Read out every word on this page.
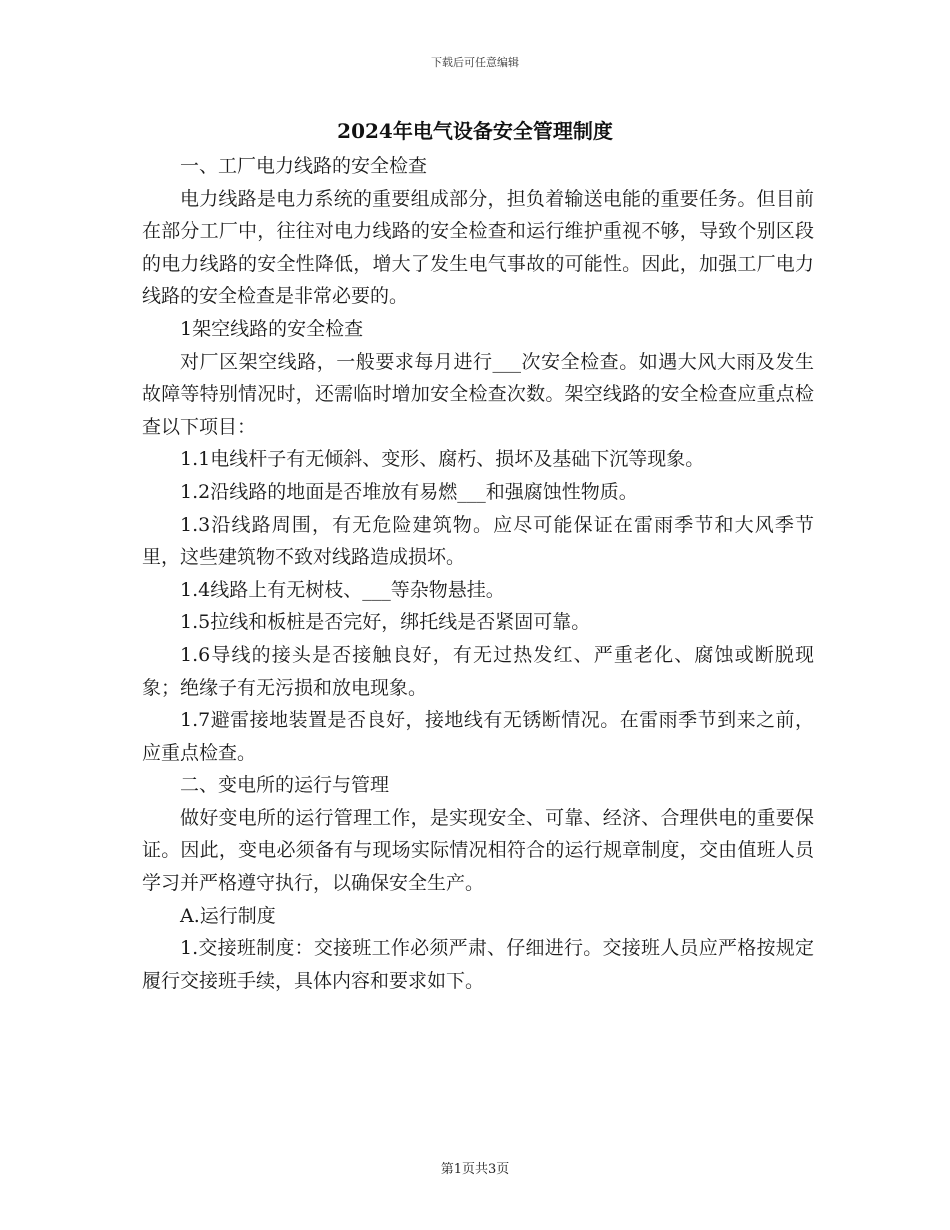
下载后可任意编辑
2024年电气设备安全管理制度

一、工厂电力线路的安全检查

电力线路是电力系统的重要组成部分，担负着输送电能的重要任务。但目前在部分工厂中，往往对电力线路的安全检查和运行维护重视不够，导致个别区段的电力线路的安全性降低，增大了发生电气事故的可能性。因此，加强工厂电力线路的安全检查是非常必要的。

1架空线路的安全检查

对厂区架空线路，一般要求每月进行___次安全检查。如遇大风大雨及发生故障等特别情况时，还需临时增加安全检查次数。架空线路的安全检查应重点检查以下项目：

1.1电线杆子有无倾斜、变形、腐朽、损坏及基础下沉等现象。

1.2沿线路的地面是否堆放有易燃___和强腐蚀性物质。

1.3沿线路周围，有无危险建筑物。应尽可能保证在雷雨季节和大风季节里，这些建筑物不致对线路造成损坏。

1.4线路上有无树枝、___等杂物悬挂。

1.5拉线和板桩是否完好，绑托线是否紧固可靠。

1.6导线的接头是否接触良好，有无过热发红、严重老化、腐蚀或断脱现象；绝缘子有无污损和放电现象。

1.7避雷接地装置是否良好，接地线有无锈断情况。在雷雨季节到来之前，应重点检查。

二、变电所的运行与管理

做好变电所的运行管理工作，是实现安全、可靠、经济、合理供电的重要保证。因此，变电必须备有与现场实际情况相符合的运行规章制度，交由值班人员学习并严格遵守执行，以确保安全生产。

A.运行制度

1.交接班制度：交接班工作必须严肃、仔细进行。交接班人员应严格按规定履行交接班手续，具体内容和要求如下。

第1页共3页
